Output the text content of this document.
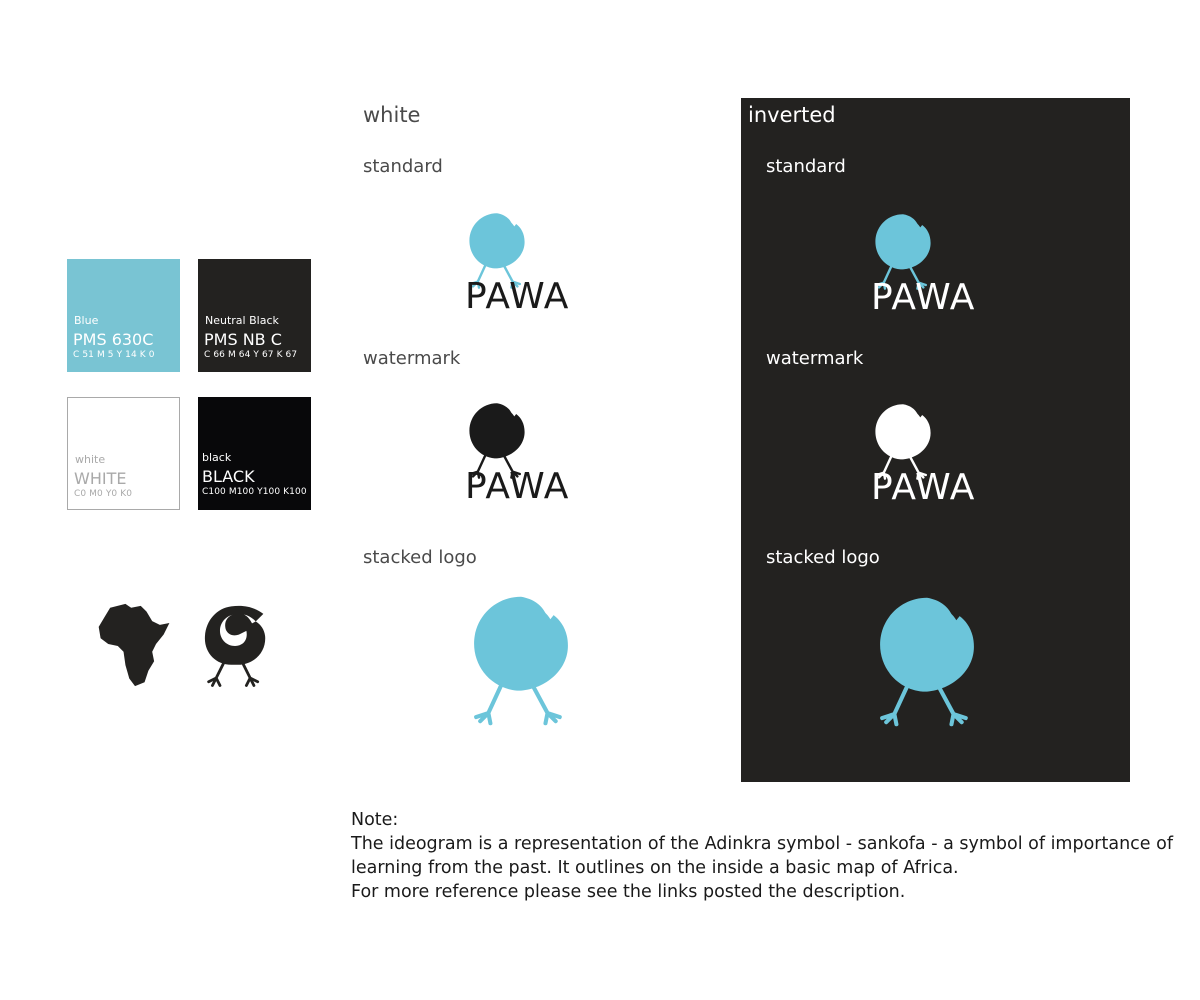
Blue
PMS 630C
C 51 M 5 Y 14 K 0
Neutral Black
PMS NB C
C 66 M 64 Y 67 K 67
white
WHITE
C0 M0 Y0 K0
black
BLACK
C100 M100 Y100 K100
white
standard
watermark
stacked logo
PAWA
PAWA
inverted
standard
watermark
stacked logo
PAWA
PAWA
Note:
The ideogram is a representation of the Adinkra symbol - sankofa - a symbol of importance of
learning from the past. It outlines on the inside a basic map of Africa.
For more reference please see the links posted the description.
